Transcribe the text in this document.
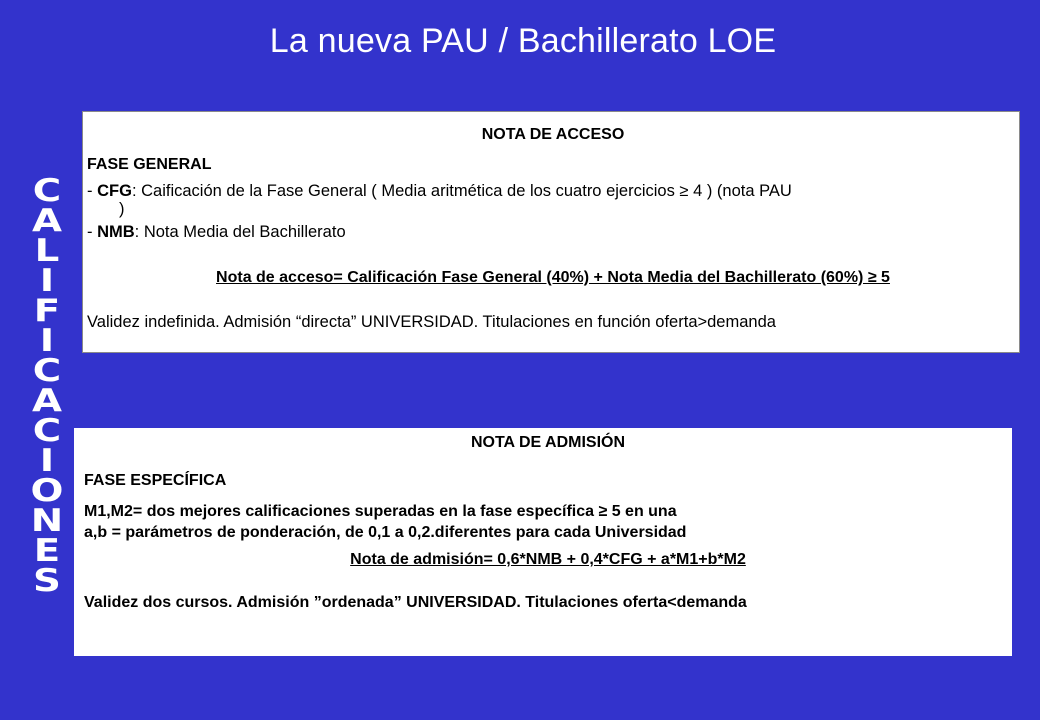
La nueva PAU / Bachillerato LOE
C
A
L
I
F
I
C
A
C
I
O
N
E
S
NOTA DE ACCESO
FASE GENERAL
- CFG: Caificación de la Fase General ( Media aritmética de los cuatro ejercicios ≥ 4 ) (nota PAU
)
- NMB: Nota Media del Bachillerato
Nota de acceso= Calificación Fase General (40%) + Nota Media del Bachillerato (60%) ≥ 5
Validez indefinida. Admisión “directa” UNIVERSIDAD. Titulaciones en función oferta>demanda
NOTA DE ADMISIÓN
FASE ESPECÍFICA
M1,M2= dos mejores calificaciones superadas en la fase específica ≥ 5 en una
a,b = parámetros de ponderación, de 0,1 a 0,2.diferentes para cada Universidad
Nota de admisión= 0,6*NMB + 0,4*CFG + a*M1+b*M2
Validez dos cursos. Admisión ”ordenada” UNIVERSIDAD. Titulaciones oferta<demanda
